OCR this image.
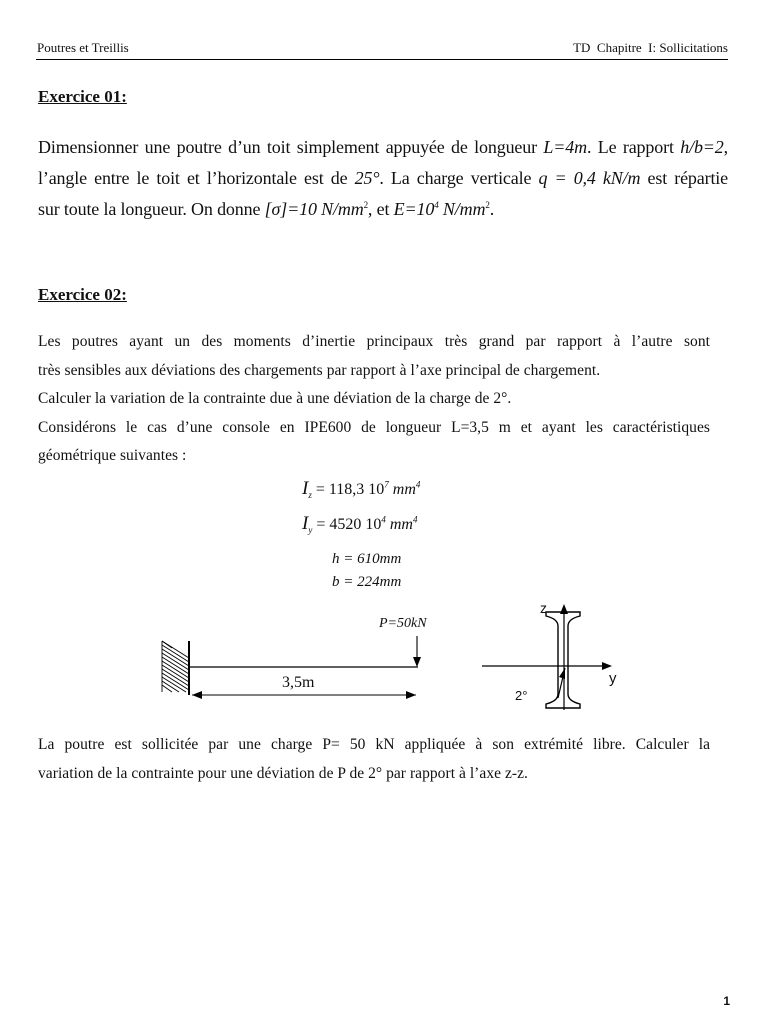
Poutres et Treillis	TD  Chapitre  I: Sollicitations
Exercice 01:
Dimensionner une poutre d’un toit simplement appuyée de longueur L=4m. Le rapport h/b=2,
l’angle entre le toit et l’horizontale est de 25°. La charge verticale q = 0,4 kN/m est répartie
sur toute la longueur. On donne [σ]=10 $N/mm^2$, et $E=10^4$ $N/mm^2$.
Exercice 02:
Les poutres ayant un des moments d’inertie principaux très grand par rapport à l’autre sont
très sensibles aux déviations des chargements par rapport à l’axe principal de chargement.
Calculer la variation de la contrainte due à une déviation de la charge de 2°.
Considérons le cas d’une console en IPE600 de longueur L=3,5 m et ayant les caractéristiques
géométrique suivantes :
$I_z = 118,3$ $10^7$ $mm^4$
$I_y = 4520$ $10^4$ $mm^4$
h = 610mm
b = 224mm
P=50kN
3,5m
z
y
2°
La poutre est sollicitée par une charge P= 50 kN appliquée à son extrémité libre. Calculer la
variation de la contrainte pour une déviation de P de 2° par rapport à l’axe z-z.
1
